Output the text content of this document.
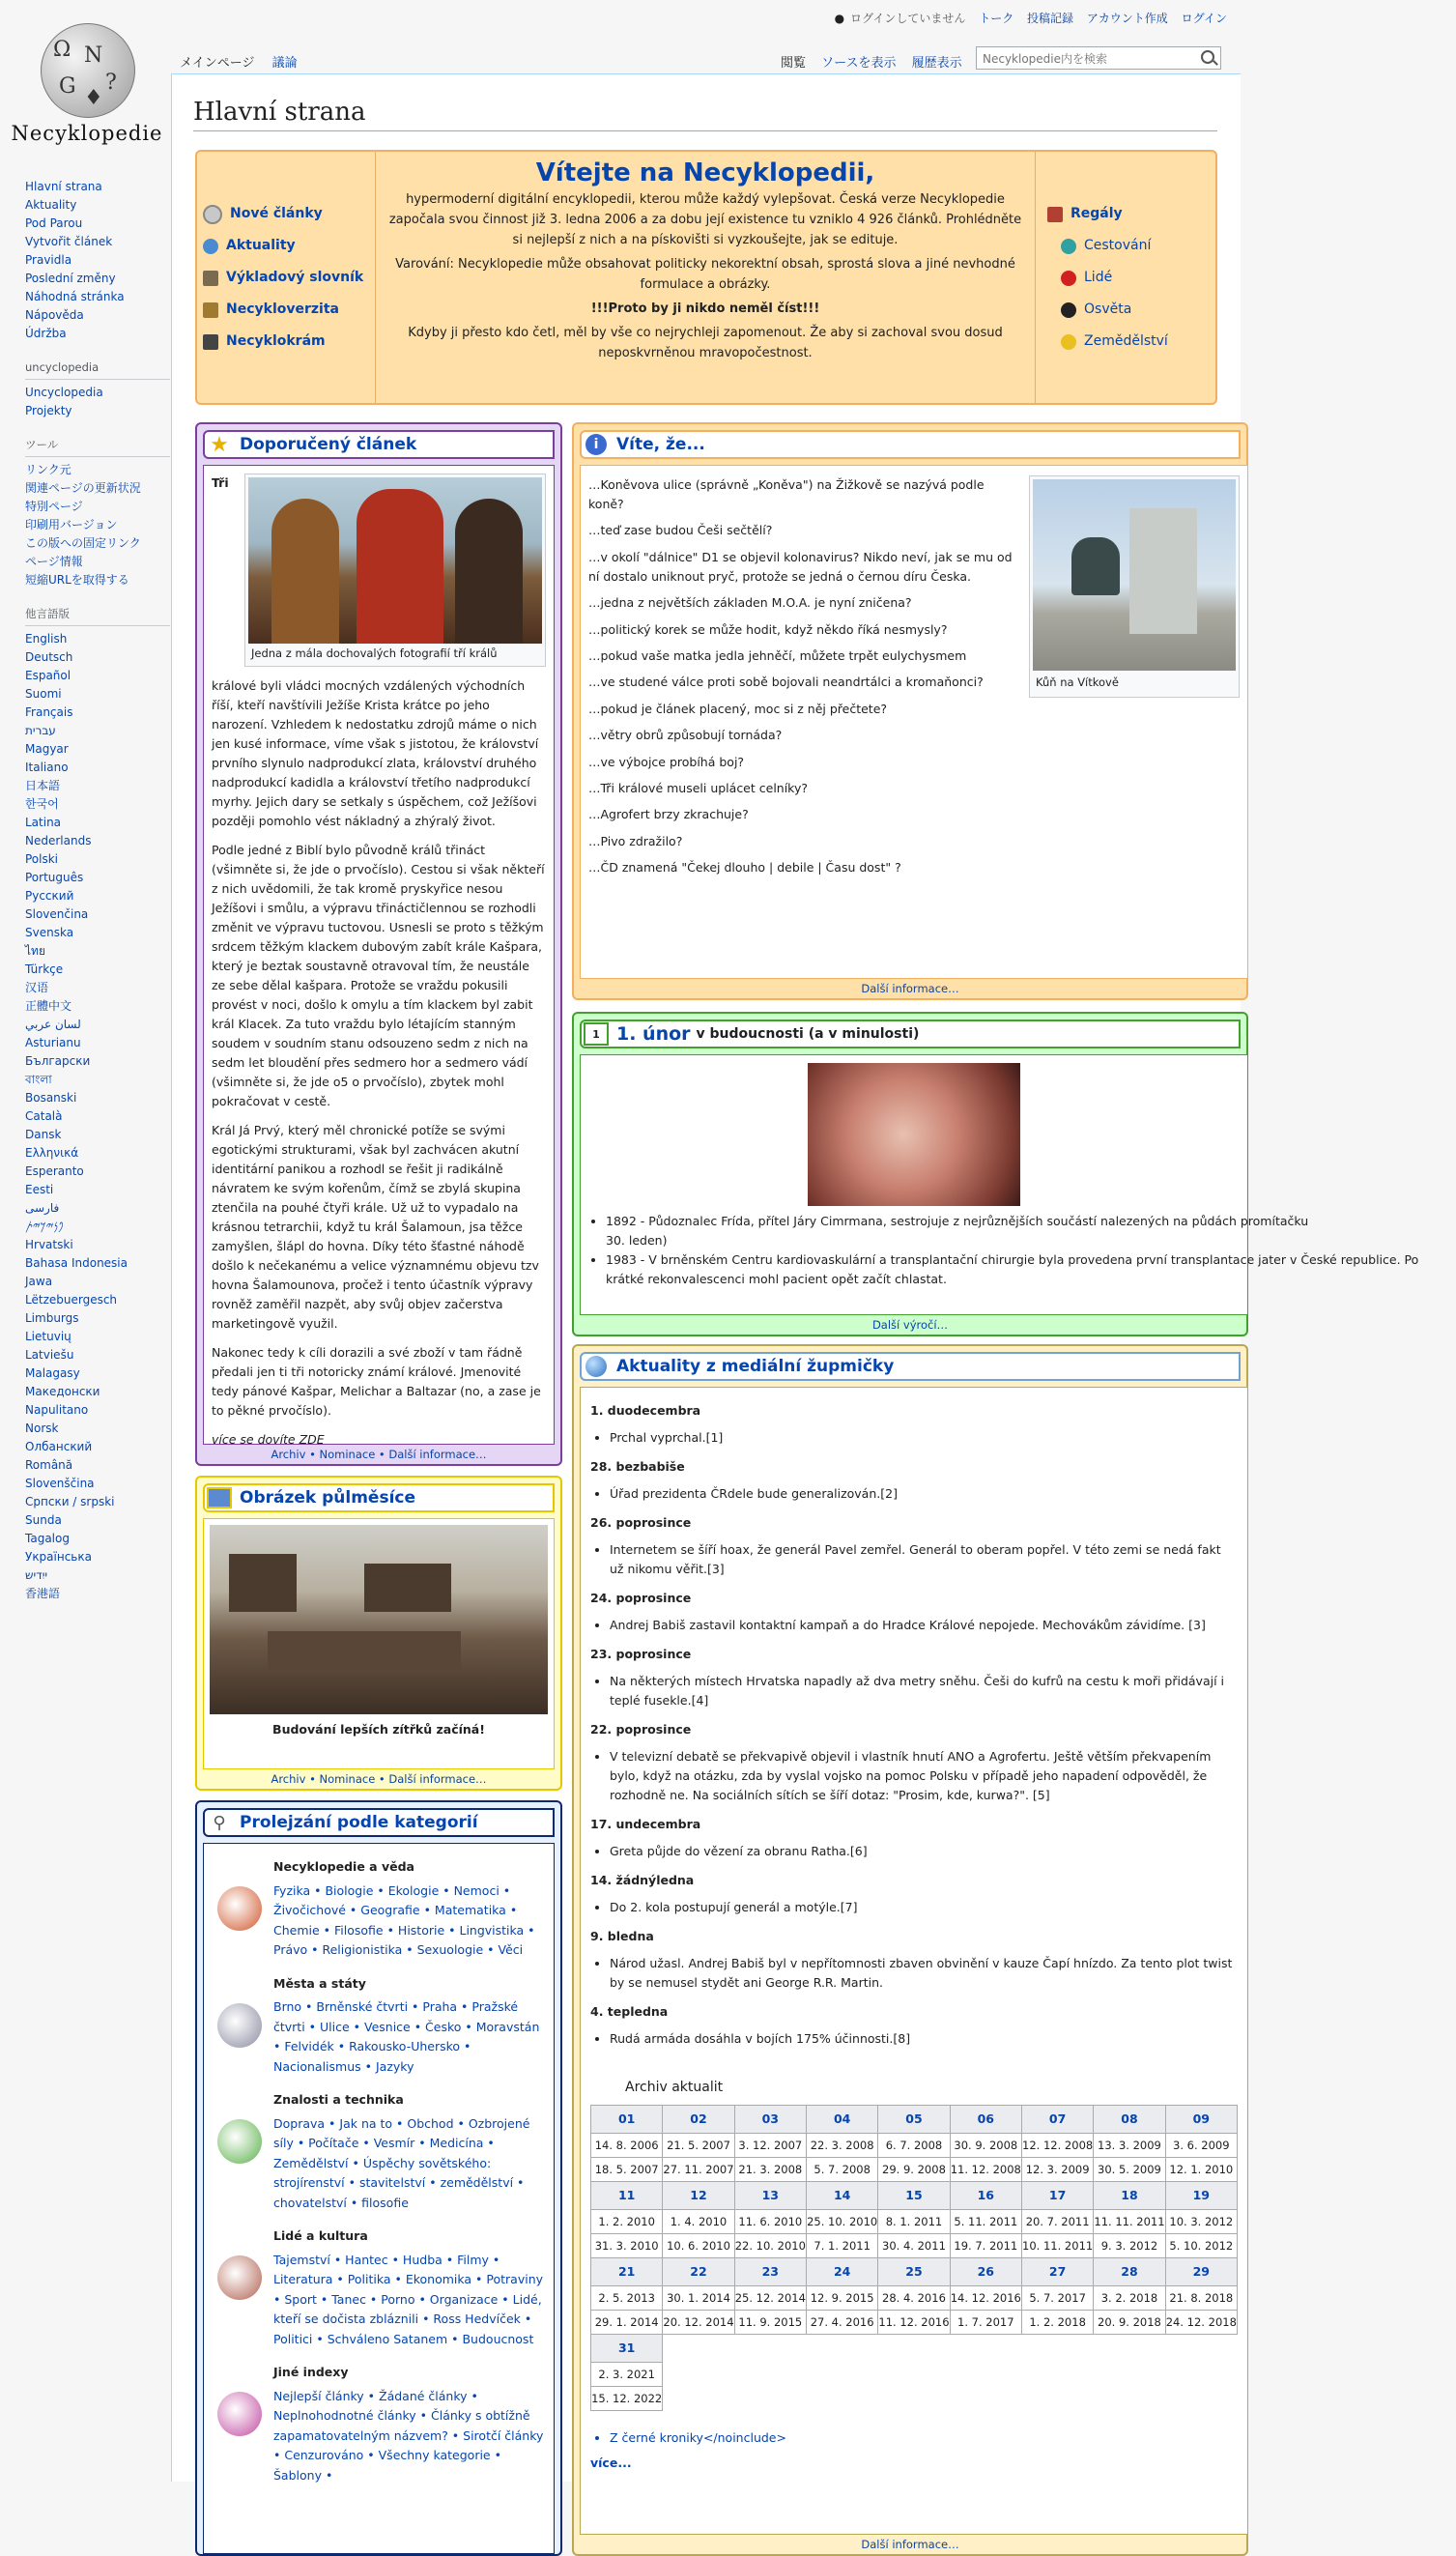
Ω N
?
G ♦
Necyklopedie
● ログインしていません トーク 投稿記録 アカウント作成 ログイン
メインページ 議論	閲覧 ソースを表示 履歴表示
Necyklopedie内を検索
Hlavní strana
Aktuality
Pod Parou
Vytvořit článek
Pravidla
Poslední změny
Náhodná stránka
Nápověda
Údržba
uncyclopedia
Uncyclopedia
Projekty
ツール
リンク元
関連ページの更新状況
特別ページ
印刷用バージョン
この版への固定リンク
ページ情報
短縮URLを取得する
他言語版
English
Deutsch
Español
Suomi
Français
עברית
Magyar
Italiano
日本語
한국어
Latina
Nederlands
Polski
Português
Русский
Slovenčina
Svenska
ไทย
Türkçe
汉语
正體中文
لسان عربي
Asturianu
Български
বাংলা
Bosanski
Català
Dansk
Ελληνικά
Esperanto
Eesti
فارسی
𐤐𐤍𐤉𐤊𐤉𐤕
Hrvatski
Bahasa Indonesia
Jawa
Lëtzebuergesch
Limburgs
Lietuvių
Latviešu
Malagasy
Македонски
Napulitano
Norsk
Олбанский
Română
Slovenščina
Српски / srpski
Sunda
Tagalog
Українська
ייִדיש
香港語
Hlavní strana
Nové články
Aktuality
Výkladový slovník
Necykloverzita
Necyklokrám
Vítejte na Necyklopedii,

hypermoderní digitální encyklopedii, kterou může každý vylepšovat. Česká verze Necyklopedie započala svou činnost již 3. ledna 2006 a za dobu její existence tu vzniklo 4 926 článků. Prohlédněte si nejlepší z nich a na pískovišti si vyzkoušejte, jak se edituje.

Varování: Necyklopedie může obsahovat politicky nekorektní obsah, sprostá slova a jiné nevhodné formulace a obrázky.

!!!Proto by ji nikdo neměl číst!!!

Kdyby ji přesto kdo četl, měl by vše co nejrychleji zapomenout. Že aby si zachoval svou dosud neposkvrněnou mravopočestnost.

Regály
Cestování
Lidé
Osvěta
Zemědělství
★ Doporučený článek
Jedna z mála dochovalých fotografií tří králů

Tři

králové byli vládci mocných vzdálených východních říší, kteří navštívili Ježíše Krista krátce po jeho narození. Vzhledem k nedostatku zdrojů máme o nich jen kusé informace, víme však s jistotou, že království prvního slynulo nadprodukcí zlata, království druhého nadprodukcí kadidla a království třetího nadprodukcí myrhy. Jejich dary se setkaly s úspěchem, což Ježíšovi později pomohlo vést nákladný a zhýralý život.

Podle jedné z Biblí bylo původně králů třináct (všimněte si, že jde o prvočíslo). Cestou si však někteří z nich uvědomili, že tak kromě pryskyřice nesou Ježíšovi i smůlu, a výpravu třináctičlennou se rozhodli změnit ve výpravu tuctovou. Usnesli se proto s těžkým srdcem těžkým klackem dubovým zabít krále Kašpara, který je beztak soustavně otravoval tím, že neustále ze sebe dělal kašpara. Protože se vraždu pokusili provést v noci, došlo k omylu a tím klackem byl zabit král Klacek. Za tuto vraždu bylo létajícím stanným soudem v soudním stanu odsouzeno sedm z nich na sedm let bloudění přes sedmero hor a sedmero vádí (všimněte si, že jde o5 o prvočíslo), zbytek mohl pokračovat v cestě.

Král Já Prvý, který měl chronické potíže se svými egotickými strukturami, však byl zachvácen akutní identitární panikou a rozhodl se řešit ji radikálně návratem ke svým kořenům, čímž se zbylá skupina ztenčila na pouhé čtyři krále. Už už to vypadalo na krásnou tetrarchii, když tu král Šalamoun, jsa těžce zamyšlen, šlápl do hovna. Díky této šťastné náhodě došlo k nečekanému a velice významnému objevu tzv hovna Šalamounova, pročež i tento účastník výpravy rovněž zaměřil nazpět, aby svůj objev začerstva marketingově využil.

Nakonec tedy k cíli dorazili a své zboží v tam řádně předali jen ti tři notoricky známí králové. Jmenovité tedy pánové Kašpar, Melichar a Baltazar (no, a zase je to pěkné prvočíslo).

více se dovíte ZDE

Archiv • Nominace • Další informace…
Obrázek půlměsíce
Budování lepších zítřků začíná!
Archiv • Nominace • Další informace…
⚲ Prolejzání podle kategorií
Necyklopedie a věda
Fyzika • Biologie • Ekologie • Nemoci • Živočichové • Geografie • Matematika • Chemie • Filosofie • Historie • Lingvistika • Právo • Religionistika • Sexuologie • Věci
Města a státy
Brno • Brněnské čtvrti • Praha • Pražské čtvrti • Ulice • Vesnice • Česko • Moravstán • Felvidék • Rakousko-Uhersko • Nacionalismus • Jazyky
Znalosti a technika
Doprava • Jak na to • Obchod • Ozbrojené síly • Počítače • Vesmír • Medicína • Zemědělství • Úspěchy sovětského: strojírenství • stavitelství • zemědělství • chovatelství • filosofie
Lidé a kultura
Tajemství • Hantec • Hudba • Filmy • Literatura • Politika • Ekonomika • Potraviny • Sport • Tanec • Porno • Organizace • Lidé, kteří se dočista zbláznili • Ross Hedvíček • Politici • Schváleno Satanem • Budoucnost
Jiné indexy
Nejlepší články • Žádané články • Neplnohodnotné články • Články s obtížně zapamatovatelným názvem? • Sirotčí články • Cenzurováno • Všechny kategorie • Šablony •
i	Víte, že...
Kůň na Vítkově

…Koněvova ulice (správně „Koněva") na Žižkově se nazývá podle koně?

…teď zase budou Češi sečtělí?

…v okolí "dálnice" D1 se objevil kolonavirus? Nikdo neví, jak se mu od ní dostalo uniknout pryč, protože se jedná o černou díru Česka.

…jedna z největších základen M.O.A. je nyní zničena?

…politický korek se může hodit, když někdo říká nesmysly?

…pokud vaše matka jedla jehněčí, můžete trpět eulychysmem

…ve studené válce proti sobě bojovali neandrtálci a kromaňonci?

…pokud je článek placený, moc si z něj přečtete?

…větry obrů způsobují tornáda?

…ve výbojce probíhá boj?

…Tři králové museli uplácet celníky?

…Agrofert brzy zkrachuje?

…Pivo zdražilo?

…ČD znamená "Čekej dlouho | debile | Času dost" ?

Další informace…
1 1. únor v budoucnosti (a v minulosti)
• 1892 - Půdoznalec Frída, přítel Járy Cimrmana, sestrojuje z nejrůznějších součástí nalezených na půdách promítačku
30. leden)
• 1983 - V brněnském Centru kardiovaskulární a transplantační chirurgie byla provedena první transplantace jater v České republice. Po krátké rekonvalescenci mohl pacient opět začít chlastat.
Další výročí…
Aktuality z mediální župmičky
1. duodecembra
• Prchal vyprchal.[1]
28. bezbabiše
• Úřad prezidenta ČRdele bude generalizován.[2]
26. poprosince
• Internetem se šíří hoax, že generál Pavel zemřel. Generál to oberam popřel. V této zemi se nedá fakt už nikomu věřit.[3]
24. poprosince
• Andrej Babiš zastavil kontaktní kampaň a do Hradce Králové nepojede. Mechovákům závidíme. [3]
23. poprosince
• Na některých místech Hrvatska napadly až dva metry sněhu. Češi do kufrů na cestu k moři přidávají i teplé fusekle.[4]
22. poprosince
• V televizní debatě se překvapivě objevil i vlastník hnutí ANO a Agrofertu. Ještě větším překvapením bylo, když na otázku, zda by vyslal vojsko na pomoc Polsku v případě jeho napadení odpověděl, že rozhodně ne. Na sociálních sítích se šíří dotaz: "Prosim, kde, kurwa?". [5]
17. undecembra
• Greta půjde do vězení za obranu Ratha.[6]
14. žádnýledna
• Do 2. kola postupují generál a motýle.[7]
9. bledna
• Národ užasl. Andrej Babiš byl v nepřítomnosti zbaven obvinění v kauze Čapí hnízdo. Za tento plot twist by se nemusel stydět ani George R.R. Martin.
4. tepledna
• Rudá armáda dosáhla v bojích 175% účinnosti.[8]
Archiv aktualit
01	02	03	04	05	06	07	08	09
14. 8. 2006	21. 5. 2007	3. 12. 2007	22. 3. 2008	6. 7. 2008	30. 9. 2008	12. 12. 2008	13. 3. 2009	3. 6. 2009
18. 5. 2007	27. 11. 2007	21. 3. 2008	5. 7. 2008	29. 9. 2008	11. 12. 2008	12. 3. 2009	30. 5. 2009	12. 1. 2010
11	12	13	14	15	16	17	18	19
1. 2. 2010	1. 4. 2010	11. 6. 2010	25. 10. 2010	8. 1. 2011	5. 11. 2011	20. 7. 2011	11. 11. 2011	10. 3. 2012
31. 3. 2010	10. 6. 2010	22. 10. 2010	7. 1. 2011	30. 4. 2011	19. 7. 2011	10. 11. 2011	9. 3. 2012	5. 10. 2012
21	22	23	24	25	26	27	28	29
2. 5. 2013	30. 1. 2014	25. 12. 2014	12. 9. 2015	28. 4. 2016	14. 12. 2016	5. 7. 2017	3. 2. 2018	21. 8. 2018
29. 1. 2014	20. 12. 2014	11. 9. 2015	27. 4. 2016	11. 12. 2016	1. 7. 2017	1. 2. 2018	20. 9. 2018	24. 12. 2018
31								
2. 3. 2021								
15. 12. 2022								
• Z černé kroniky</noinclude>
více...
Další informace…
